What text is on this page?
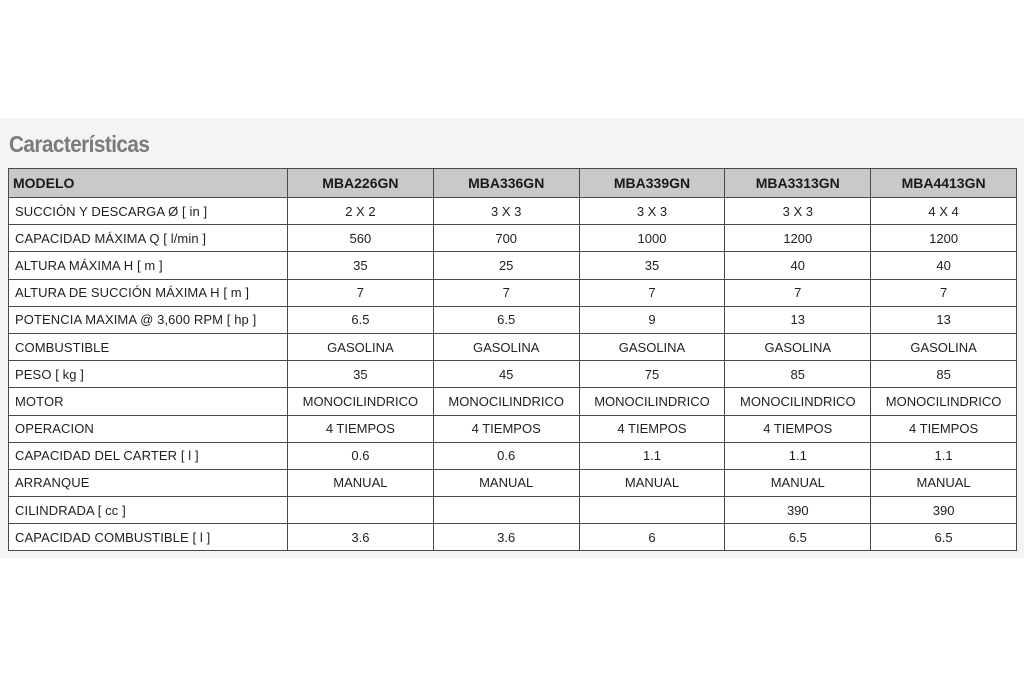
Características
MODELO	MBA226GN	MBA336GN	MBA339GN	MBA3313GN	MBA4413GN
SUCCIÓN Y DESCARGA Ø [ in ]	2 X 2	3 X 3	3 X 3	3 X 3	4 X 4
CAPACIDAD MÁXIMA Q [ l/min ]	560	700	1000	1200	1200
ALTURA MÁXIMA H [ m ]	35	25	35	40	40
ALTURA DE SUCCIÓN MÁXIMA H [ m ]	7	7	7	7	7
POTENCIA MAXIMA @ 3,600 RPM [ hp ]	6.5	6.5	9	13	13
COMBUSTIBLE	GASOLINA	GASOLINA	GASOLINA	GASOLINA	GASOLINA
PESO [ kg ]	35	45	75	85	85
MOTOR	MONOCILINDRICO	MONOCILINDRICO	MONOCILINDRICO	MONOCILINDRICO	MONOCILINDRICO
OPERACION	4 TIEMPOS	4 TIEMPOS	4 TIEMPOS	4 TIEMPOS	4 TIEMPOS
CAPACIDAD DEL CARTER [ l ]	0.6	0.6	1.1	1.1	1.1
ARRANQUE	MANUAL	MANUAL	MANUAL	MANUAL	MANUAL
CILINDRADA [ cc ]				390	390
CAPACIDAD COMBUSTIBLE [ l ]	3.6	3.6	6	6.5	6.5
